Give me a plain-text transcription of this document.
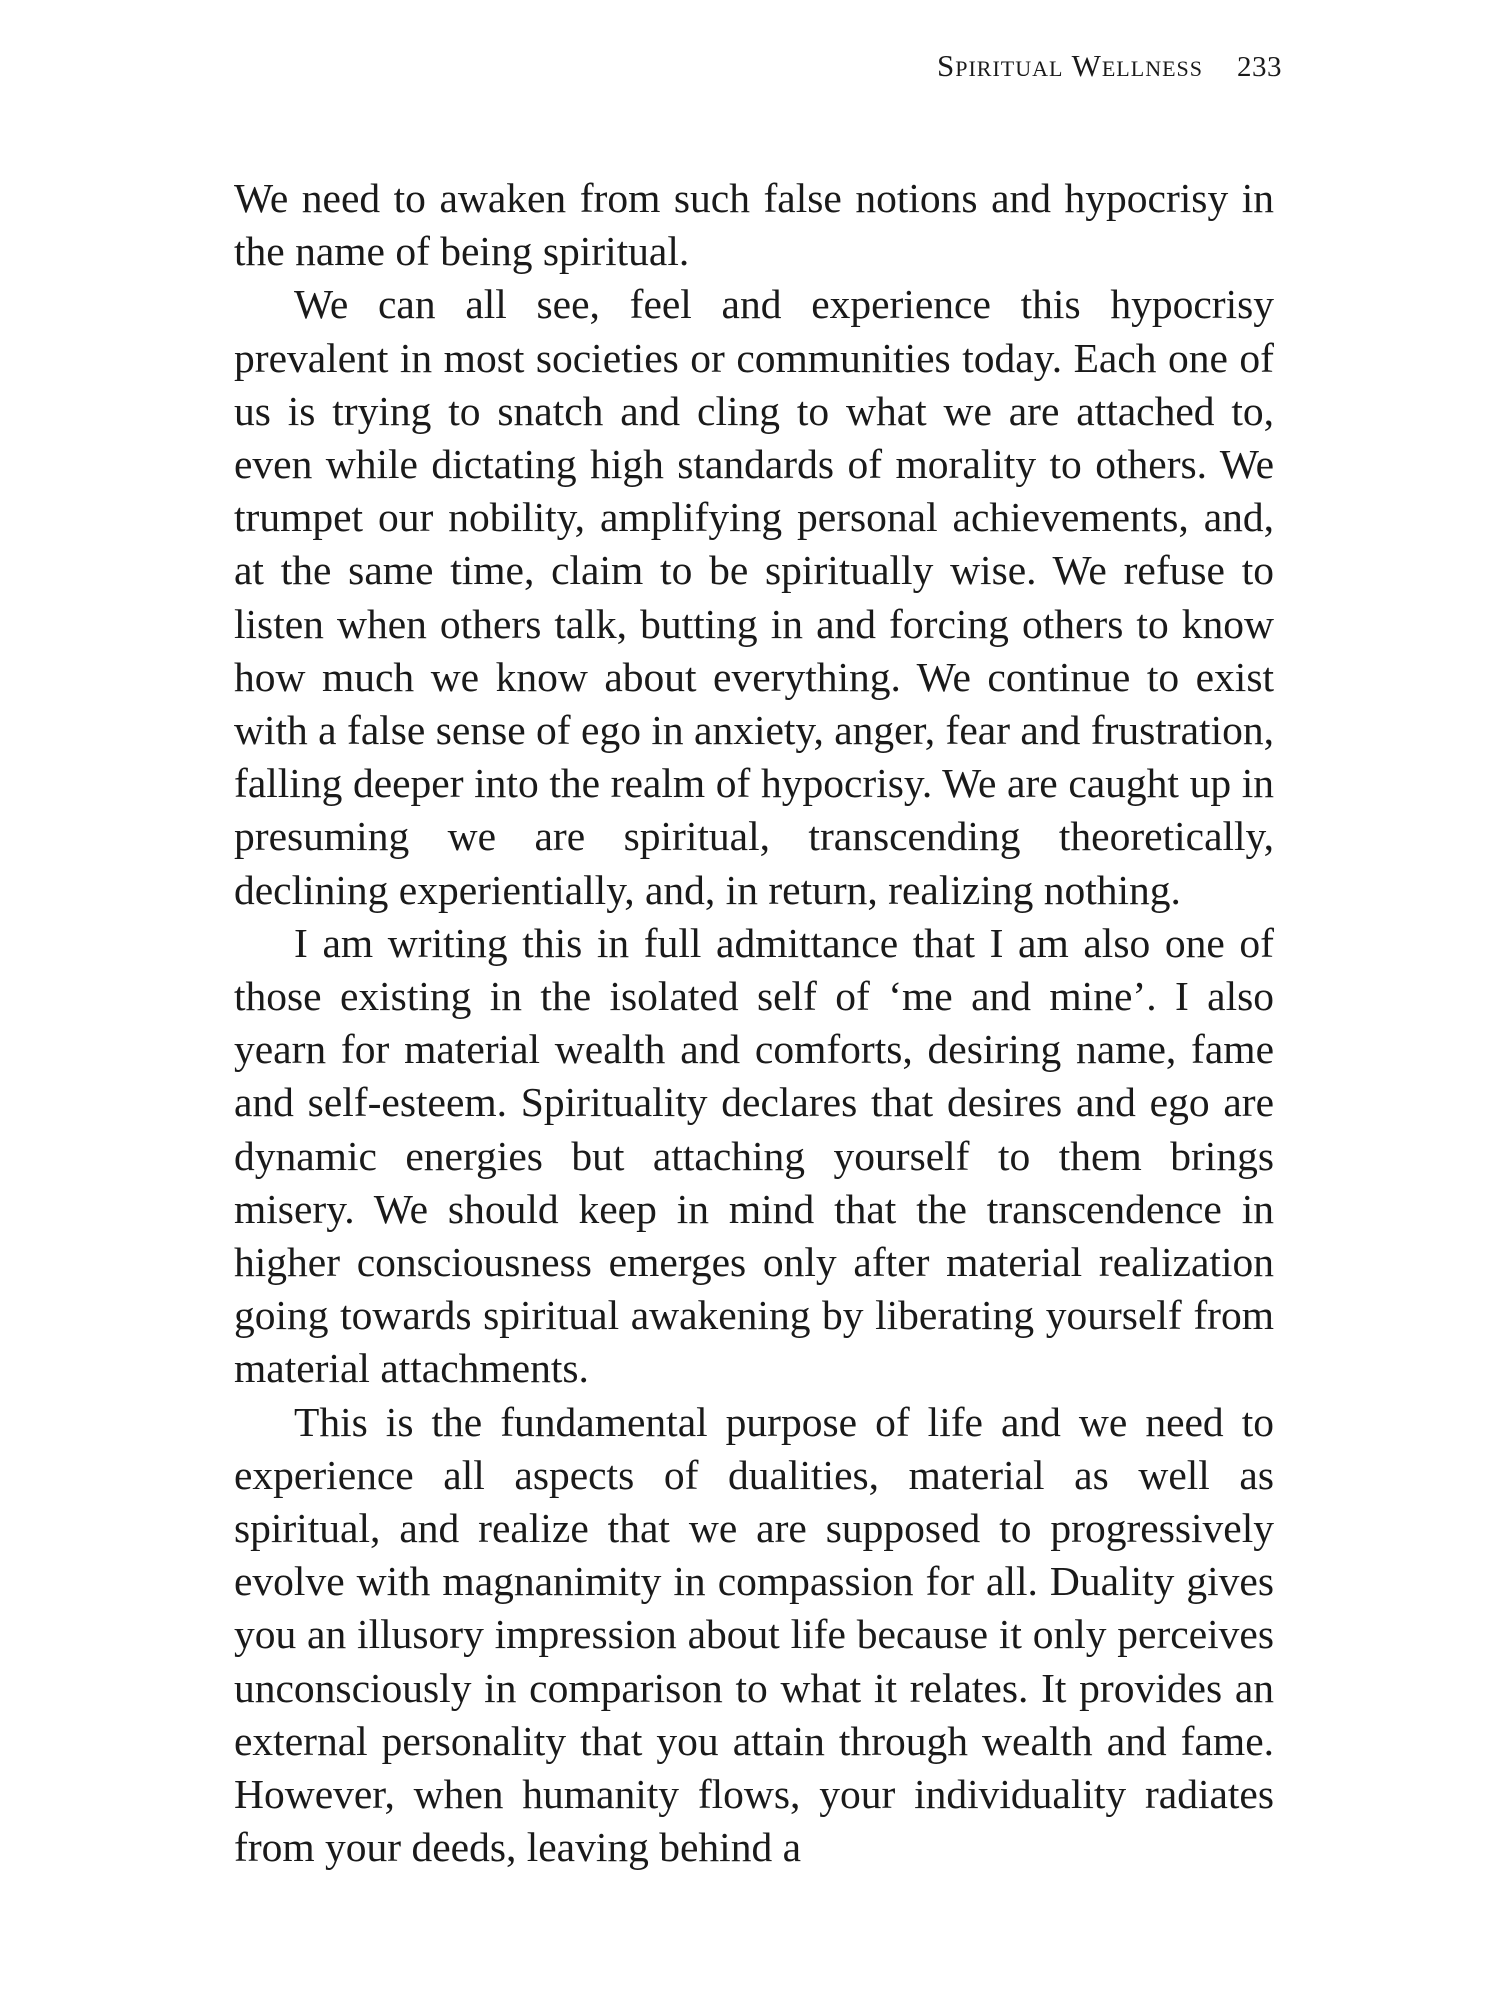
Spiritual Wellness 233

We need to awaken from such false notions and hypocrisy in the name of being spiritual.

We can all see, feel and experience this hypocrisy prevalent in most societies or communities today. Each one of us is trying to snatch and cling to what we are attached to, even while dictating high standards of morality to others. We trumpet our nobility, amplifying personal achievements, and, at the same time, claim to be spiritually wise. We refuse to listen when others talk, butting in and forcing others to know how much we know about everything. We continue to exist with a false sense of ego in anxiety, anger, fear and frustration, falling deeper into the realm of hypocrisy. We are caught up in presuming we are spiritual, transcending theoretically, declining experientially, and, in return, realizing nothing.

I am writing this in full admittance that I am also one of those existing in the isolated self of ‘me and mine’. I also yearn for material wealth and comforts, desiring name, fame and self-esteem. Spirituality declares that desires and ego are dynamic energies but attaching yourself to them brings misery. We should keep in mind that the transcendence in higher consciousness emerges only after material realization going towards spiritual awakening by liberating yourself from material attachments.

This is the fundamental purpose of life and we need to experience all aspects of dualities, material as well as spiritual, and realize that we are supposed to progressively evolve with magnanimity in compassion for all. Duality gives you an illusory impression about life because it only perceives unconsciously in comparison to what it relates. It provides an external personality that you attain through wealth and fame. However, when humanity flows, your individuality radiates from your deeds, leaving behind a
